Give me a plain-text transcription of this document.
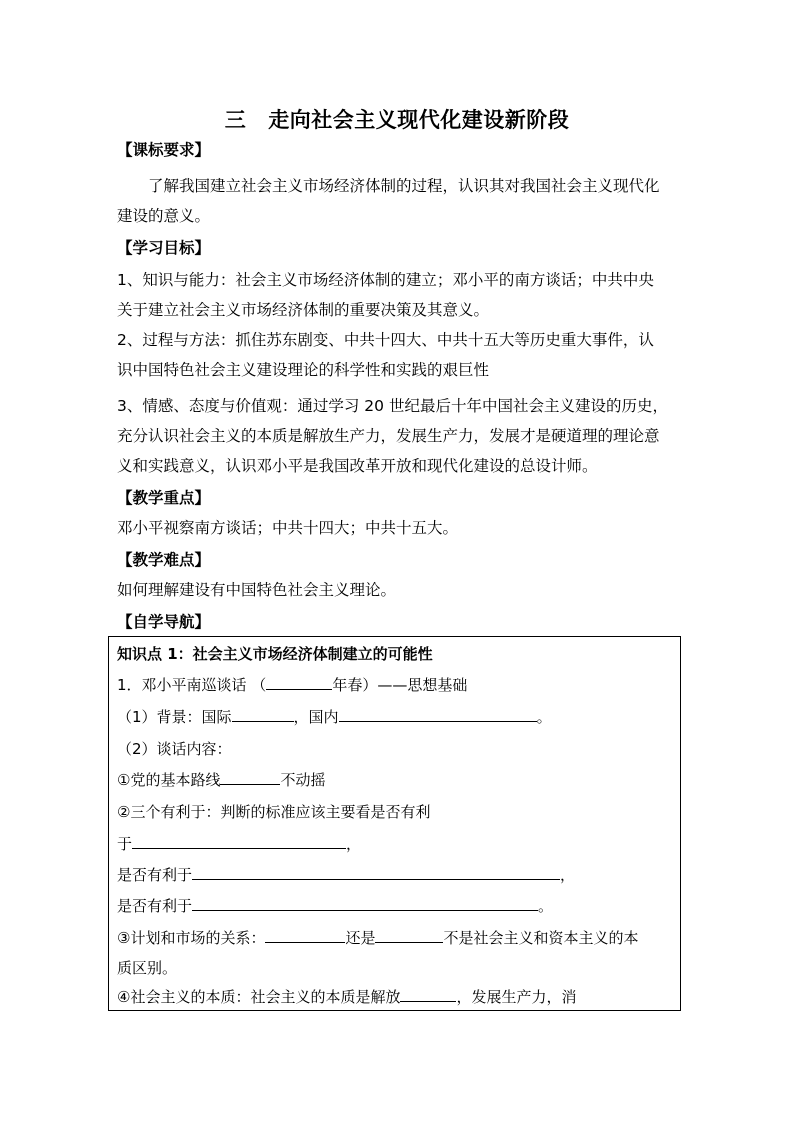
三 走向社会主义现代化建设新阶段
【课标要求】
了解我国建立社会主义市场经济体制的过程，认识其对我国社会主义现代化
建设的意义。
【学习目标】
1、知识与能力：社会主义市场经济体制的建立；邓小平的南方谈话；中共中央
关于建立社会主义市场经济体制的重要决策及其意义。
2、过程与方法：抓住苏东剧变、中共十四大、中共十五大等历史重大事件，认
识中国特色社会主义建设理论的科学性和实践的艰巨性
3、情感、态度与价值观：通过学习 20 世纪最后十年中国社会主义建设的历史，
充分认识社会主义的本质是解放生产力，发展生产力，发展才是硬道理的理论意
义和实践意义，认识邓小平是我国改革开放和现代化建设的总设计师。
【教学重点】
邓小平视察南方谈话；中共十四大；中共十五大。
【教学难点】
如何理解建设有中国特色社会主义理论。
【自学导航】
知识点 1：社会主义市场经济体制建立的可能性
1．邓小平南巡谈话 （	年春）——思想基础
（1）背景：国际	，国内	。
（2）谈话内容：
①党的基本路线	不动摇
②三个有利于：判断的标准应该主要看是否有利
于	，
是否有利于	，
是否有利于	。
③计划和市场的关系：	还是	不是社会主义和资本主义的本
质区别。
④社会主义的本质：社会主义的本质是解放	，发展生产力，消
